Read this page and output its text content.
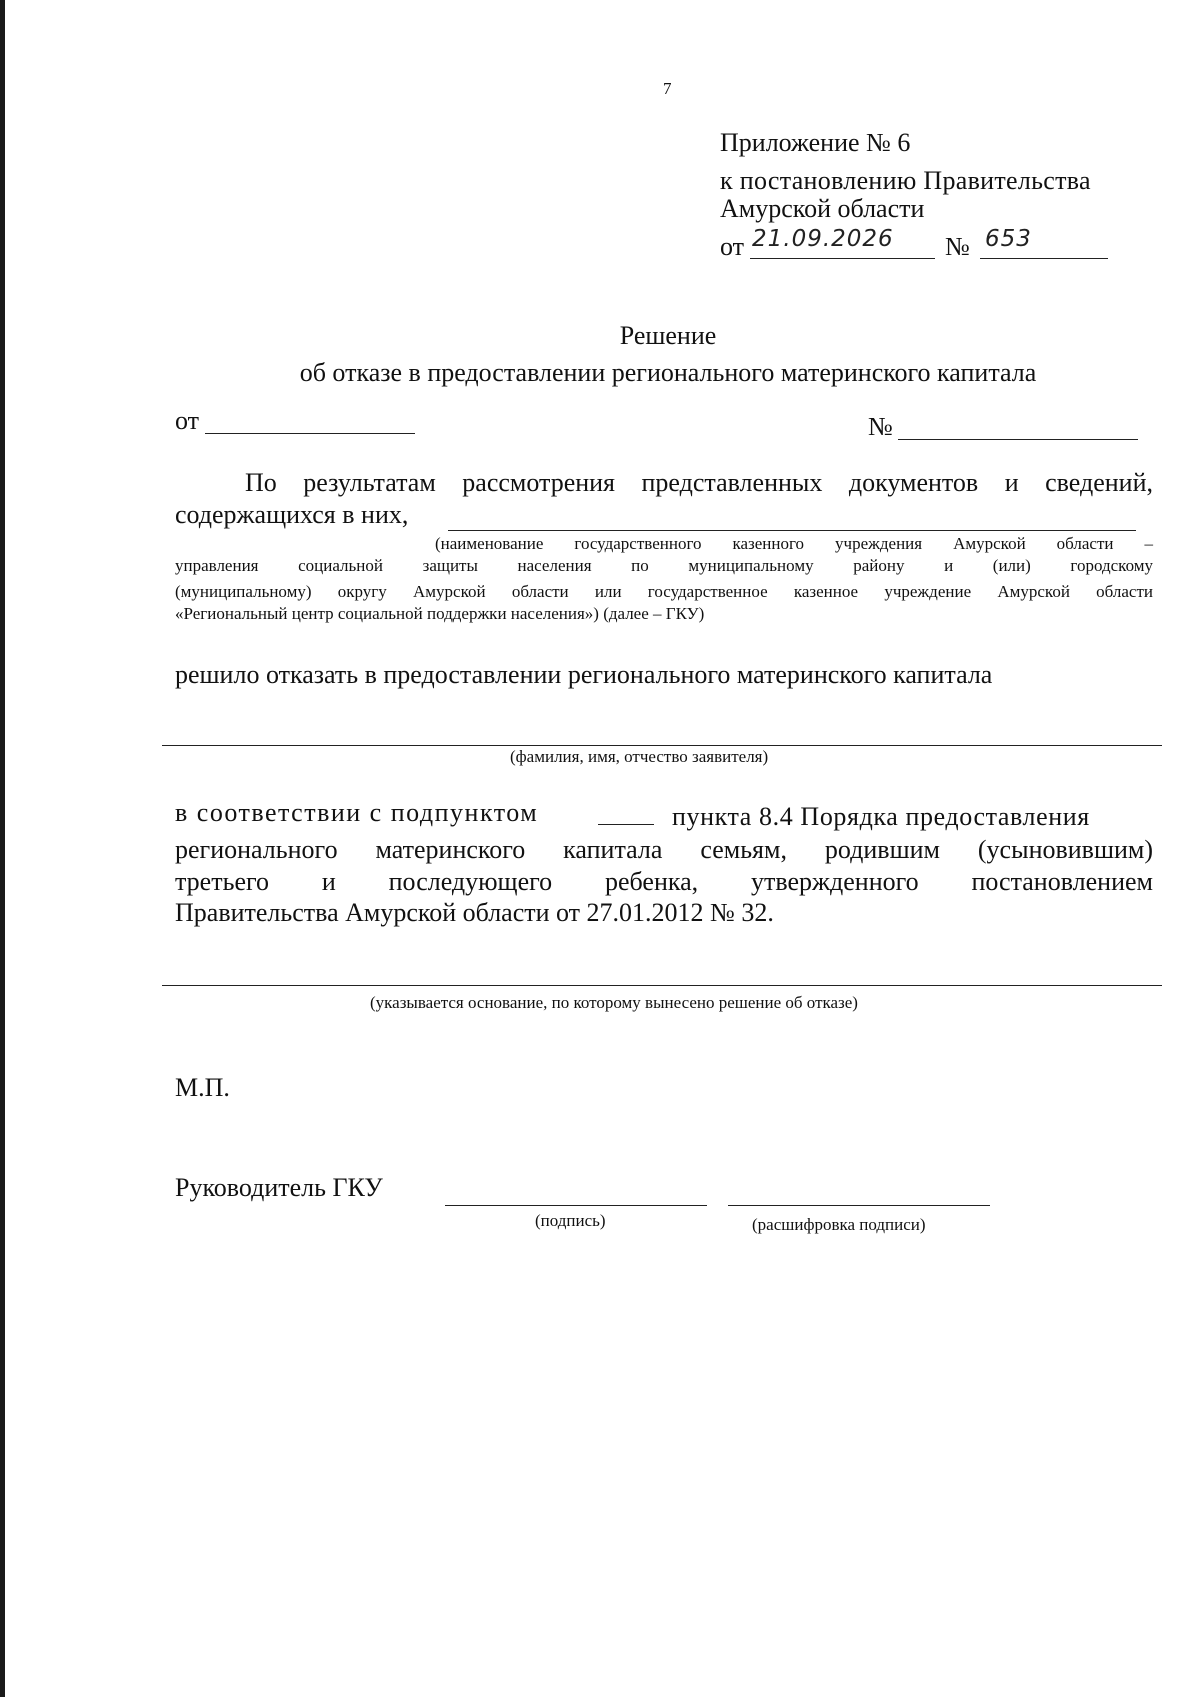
7
Приложение № 6
к постановлению Правительства
Амурской области
от 21.09.2026 № 653
Решение
об отказе в предоставлении регионального материнского капитала
от	№
По результатам рассмотрения представленных документов и сведений,
содержащихся в них,
(наименование государственного казенного учреждения Амурской области –
управления социальной защиты населения по муниципальному району и (или) городскому
(муниципальному) округу Амурской области или государственное казенное учреждение Амурской области
«Региональный центр социальной поддержки населения») (далее – ГКУ)
решило отказать в предоставлении регионального материнского капитала
(фамилия, имя, отчество заявителя)
в соответствии с подпунктом	пункта 8.4 Порядка предоставления
регионального материнского капитала семьям, родившим (усыновившим)
третьего и последующего ребенка, утвержденного постановлением
Правительства Амурской области от 27.01.2012 № 32.
(указывается основание, по которому вынесено решение об отказе)
М.П.
Руководитель ГКУ
(подпись)	(расшифровка подписи)
